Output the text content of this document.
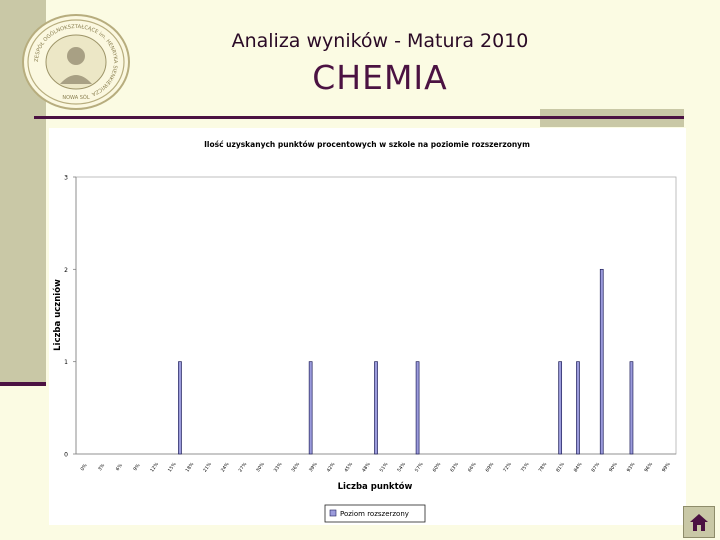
ZESPÓŁ OGÓLNOKSZTAŁCĄCE im. HENRYKA SIENKIEWICZA
NOWA SÓL
Analiza wyników - Matura 2010
CHEMIA
Ilość uzyskanych punktów procentowych w szkole na poziomie rozszerzonym
0
1
2
3
0% 3% 6% 9% 12% 15% 18% 21% 24% 27% 30% 33% 36% 39% 42% 45% 48% 51% 54% 57% 60% 63% 66% 69% 72% 75% 78% 81% 84% 87% 90% 93% 96% 99%
Liczba uczniów
Liczba punktów
Poziom rozszerzony
